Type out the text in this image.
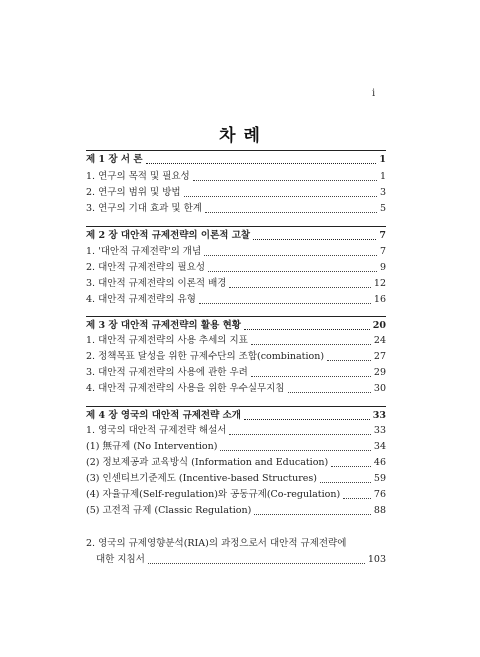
i
차 례
제 1 장 서 론	1
1. 연구의 목적 및 필요성	1
2. 연구의 범위 및 방법	3
3. 연구의 기대 효과 및 한계	5
제 2 장 대안적 규제전략의 이론적 고찰	7
1. '대안적 규제전략'의 개념	7
2. 대안적 규제전략의 필요성	9
3. 대안적 규제전략의 이론적 배경	12
4. 대안적 규제전략의 유형	16
제 3 장 대안적 규제전략의 활용 현황	20
1. 대안적 규제전략의 사용 추세의 지표	24
2. 정책목표 달성을 위한 규제수단의 조합(combination)	27
3. 대안적 규제전략의 사용에 관한 우려	29
4. 대안적 규제전략의 사용을 위한 우수실무지침	30
제 4 장 영국의 대안적 규제전략 소개	33
1. 영국의 대안적 규제전략 해설서	33
(1) 無규제 (No Intervention)	34
(2) 정보제공과 교육방식 (Information and Education)	46
(3) 인센티브기준제도 (Incentive-based Structures)	59
(4) 자율규제(Self-regulation)와 공동규제(Co-regulation)	76
(5) 고전적 규제 (Classic Regulation)	88
2. 영국의 규제영향분석(RIA)의 과정으로서 대안적 규제전략에
대한 지침서	103
